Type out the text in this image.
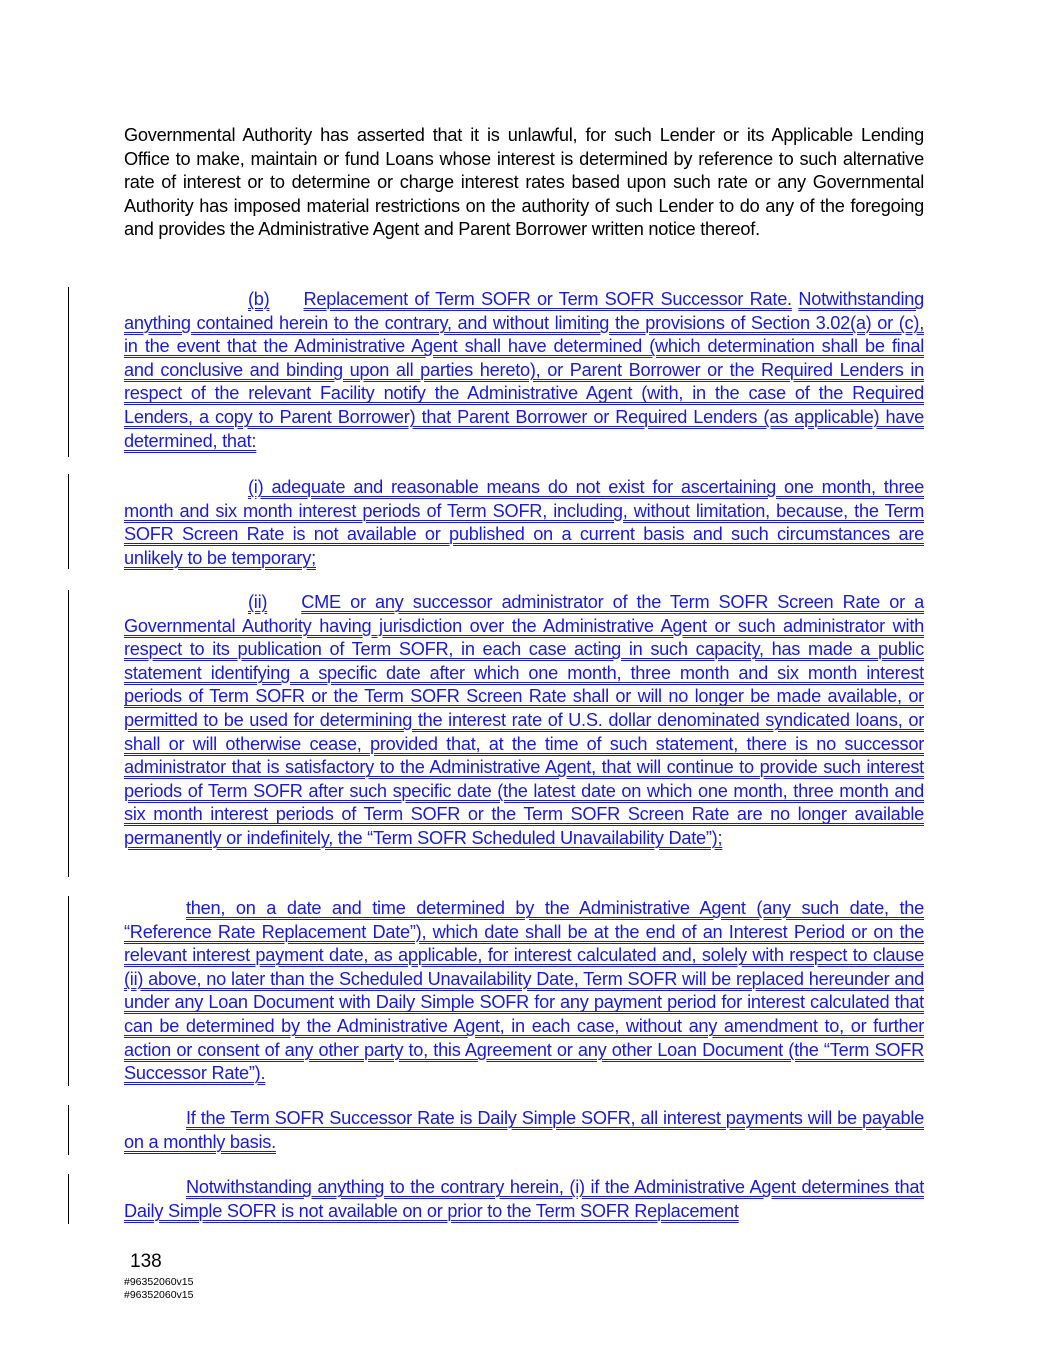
Governmental Authority has asserted that it is unlawful, for such Lender or its Applicable Lending Office to make, maintain or fund Loans whose interest is determined by reference to such alternative rate of interest or to determine or charge interest rates based upon such rate or any Governmental Authority has imposed material restrictions on the authority of such Lender to do any of the foregoing and provides the Administrative Agent and Parent Borrower written notice thereof.

(b) Replacement of Term SOFR or Term SOFR Successor Rate. Notwithstanding anything contained herein to the contrary, and without limiting the provisions of Section 3.02(a) or (c), in the event that the Administrative Agent shall have determined (which determination shall be final and conclusive and binding upon all parties hereto), or Parent Borrower or the Required Lenders in respect of the relevant Facility notify the Administrative Agent (with, in the case of the Required Lenders, a copy to Parent Borrower) that Parent Borrower or Required Lenders (as applicable) have determined, that:

(i) adequate and reasonable means do not exist for ascertaining one month, three month and six month interest periods of Term SOFR, including, without limitation, because, the Term SOFR Screen Rate is not available or published on a current basis and such circumstances are unlikely to be temporary;

(ii) CME or any successor administrator of the Term SOFR Screen Rate or a Governmental Authority having jurisdiction over the Administrative Agent or such administrator with respect to its publication of Term SOFR, in each case acting in such capacity, has made a public statement identifying a specific date after which one month, three month and six month interest periods of Term SOFR or the Term SOFR Screen Rate shall or will no longer be made available, or permitted to be used for determining the interest rate of U.S. dollar denominated syndicated loans, or shall or will otherwise cease, provided that, at the time of such statement, there is no successor administrator that is satisfactory to the Administrative Agent, that will continue to provide such interest periods of Term SOFR after such specific date (the latest date on which one month, three month and six month interest periods of Term SOFR or the Term SOFR Screen Rate are no longer available permanently or indefinitely, the “Term SOFR Scheduled Unavailability Date”);

then, on a date and time determined by the Administrative Agent (any such date, the “Reference Rate Replacement Date”), which date shall be at the end of an Interest Period or on the relevant interest payment date, as applicable, for interest calculated and, solely with respect to clause (ii) above, no later than the Scheduled Unavailability Date, Term SOFR will be replaced hereunder and under any Loan Document with Daily Simple SOFR for any payment period for interest calculated that can be determined by the Administrative Agent, in each case, without any amendment to, or further action or consent of any other party to, this Agreement or any other Loan Document (the “Term SOFR Successor Rate”).

If the Term SOFR Successor Rate is Daily Simple SOFR, all interest payments will be payable on a monthly basis.

Notwithstanding anything to the contrary herein, (i) if the Administrative Agent determines that Daily Simple SOFR is not available on or prior to the Term SOFR Replacement

138
#96352060v15
#96352060v15
